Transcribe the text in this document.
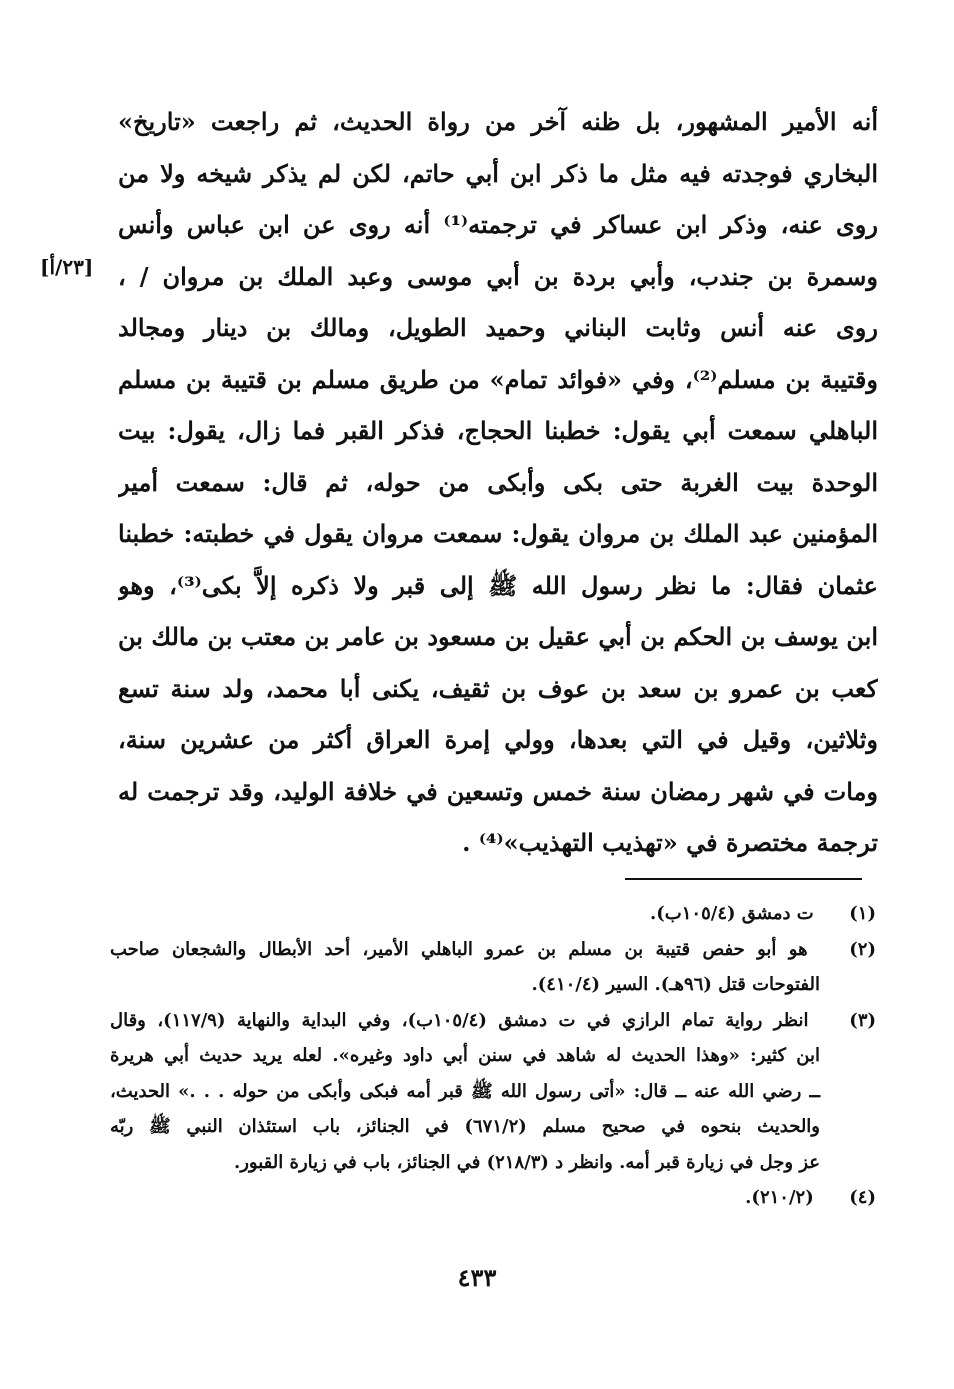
[٢٣/أ]
أنه الأمير المشهور، بل ظنه آخر من رواة الحديث، ثم راجعت «تاريخ»
البخاري فوجدته فيه مثل ما ذكر ابن أبي حاتم، لكن لم يذكر شيخه ولا من
روى عنه، وذكر ابن عساكر في ترجمته⁽¹⁾ أنه روى عن ابن عباس وأنس
وسمرة بن جندب، وأبي بردة بن أبي موسى وعبد الملك بن مروان / ،
روى عنه أنس وثابت البناني وحميد الطويل، ومالك بن دينار ومجالد
وقتيبة بن مسلم⁽²⁾، وفي «فوائد تمام» من طريق مسلم بن قتيبة بن مسلم
الباهلي سمعت أبي يقول: خطبنا الحجاج، فذكر القبر فما زال، يقول: بيت
الوحدة بيت الغربة حتى بكى وأبكى من حوله، ثم قال: سمعت أمير
المؤمنين عبد الملك بن مروان يقول: سمعت مروان يقول في خطبته: خطبنا
عثمان فقال: ما نظر رسول الله ﷺ إلى قبر ولا ذكره إلاَّ بكى⁽³⁾، وهو
ابن يوسف بن الحكم بن أبي عقيل بن مسعود بن عامر بن معتب بن مالك بن
كعب بن عمرو بن سعد بن عوف بن ثقيف، يكنى أبا محمد، ولد سنة تسع
وثلاثين، وقيل في التي بعدها، وولي إمرة العراق أكثر من عشرين سنة،
ومات في شهر رمضان سنة خمس وتسعين في خلافة الوليد، وقد ترجمت له
ترجمة مختصرة في «تهذيب التهذيب»⁽⁴⁾ .
(١) ت دمشق (١٠٥/٤ب).
(٢) هو أبو حفص قتيبة بن مسلم بن عمرو الباهلي الأمير، أحد الأبطال والشجعان صاحب
الفتوحات قتل (٩٦هـ). السير (٤١٠/٤).
(٣) انظر رواية تمام الرازي في ت دمشق (١٠٥/٤ب)، وفي البداية والنهاية (١١٧/٩)، وقال
ابن كثير: «وهذا الحديث له شاهد في سنن أبي داود وغيره». لعله يريد حديث أبي هريرة
ــ رضي الله عنه ــ قال: «أتى رسول الله ﷺ قبر أمه فبكى وأبكى من حوله . . .» الحديث،
والحديث بنحوه في صحيح مسلم (٦٧١/٢) في الجنائز، باب استئذان النبي ﷺ ربّه
عز وجل في زيارة قبر أمه. وانظر د (٢١٨/٣) في الجنائز، باب في زيارة القبور.
(٤) (٢١٠/٢).
٤٣٣
